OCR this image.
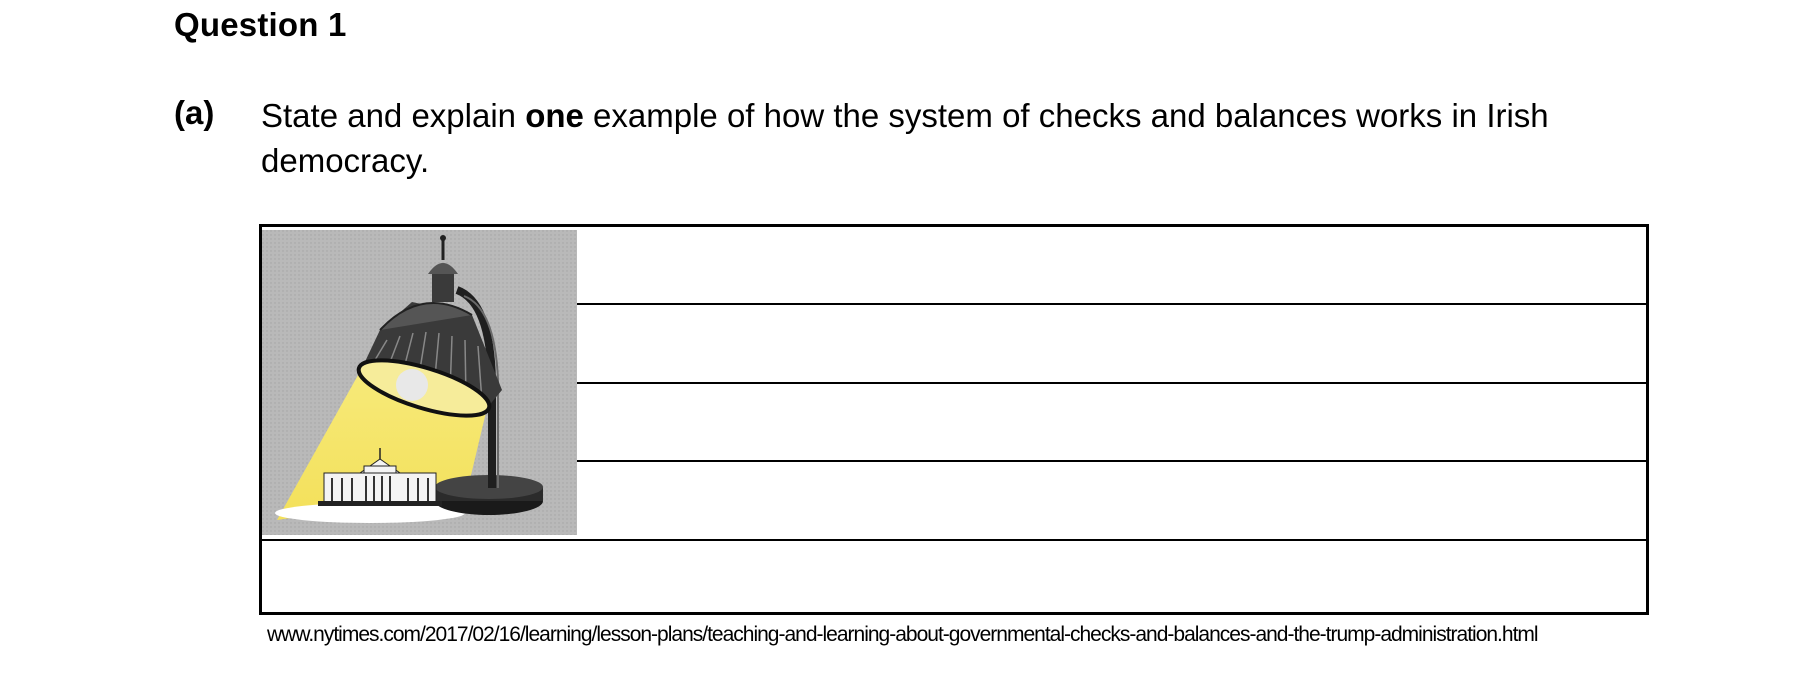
Question 1
(a) State and explain one example of how the system of checks and balances works in Irish democracy.
www.nytimes.com/2017/02/16/learning/lesson-plans/teaching-and-learning-about-governmental-checks-and-balances-and-the-trump-administration.html
